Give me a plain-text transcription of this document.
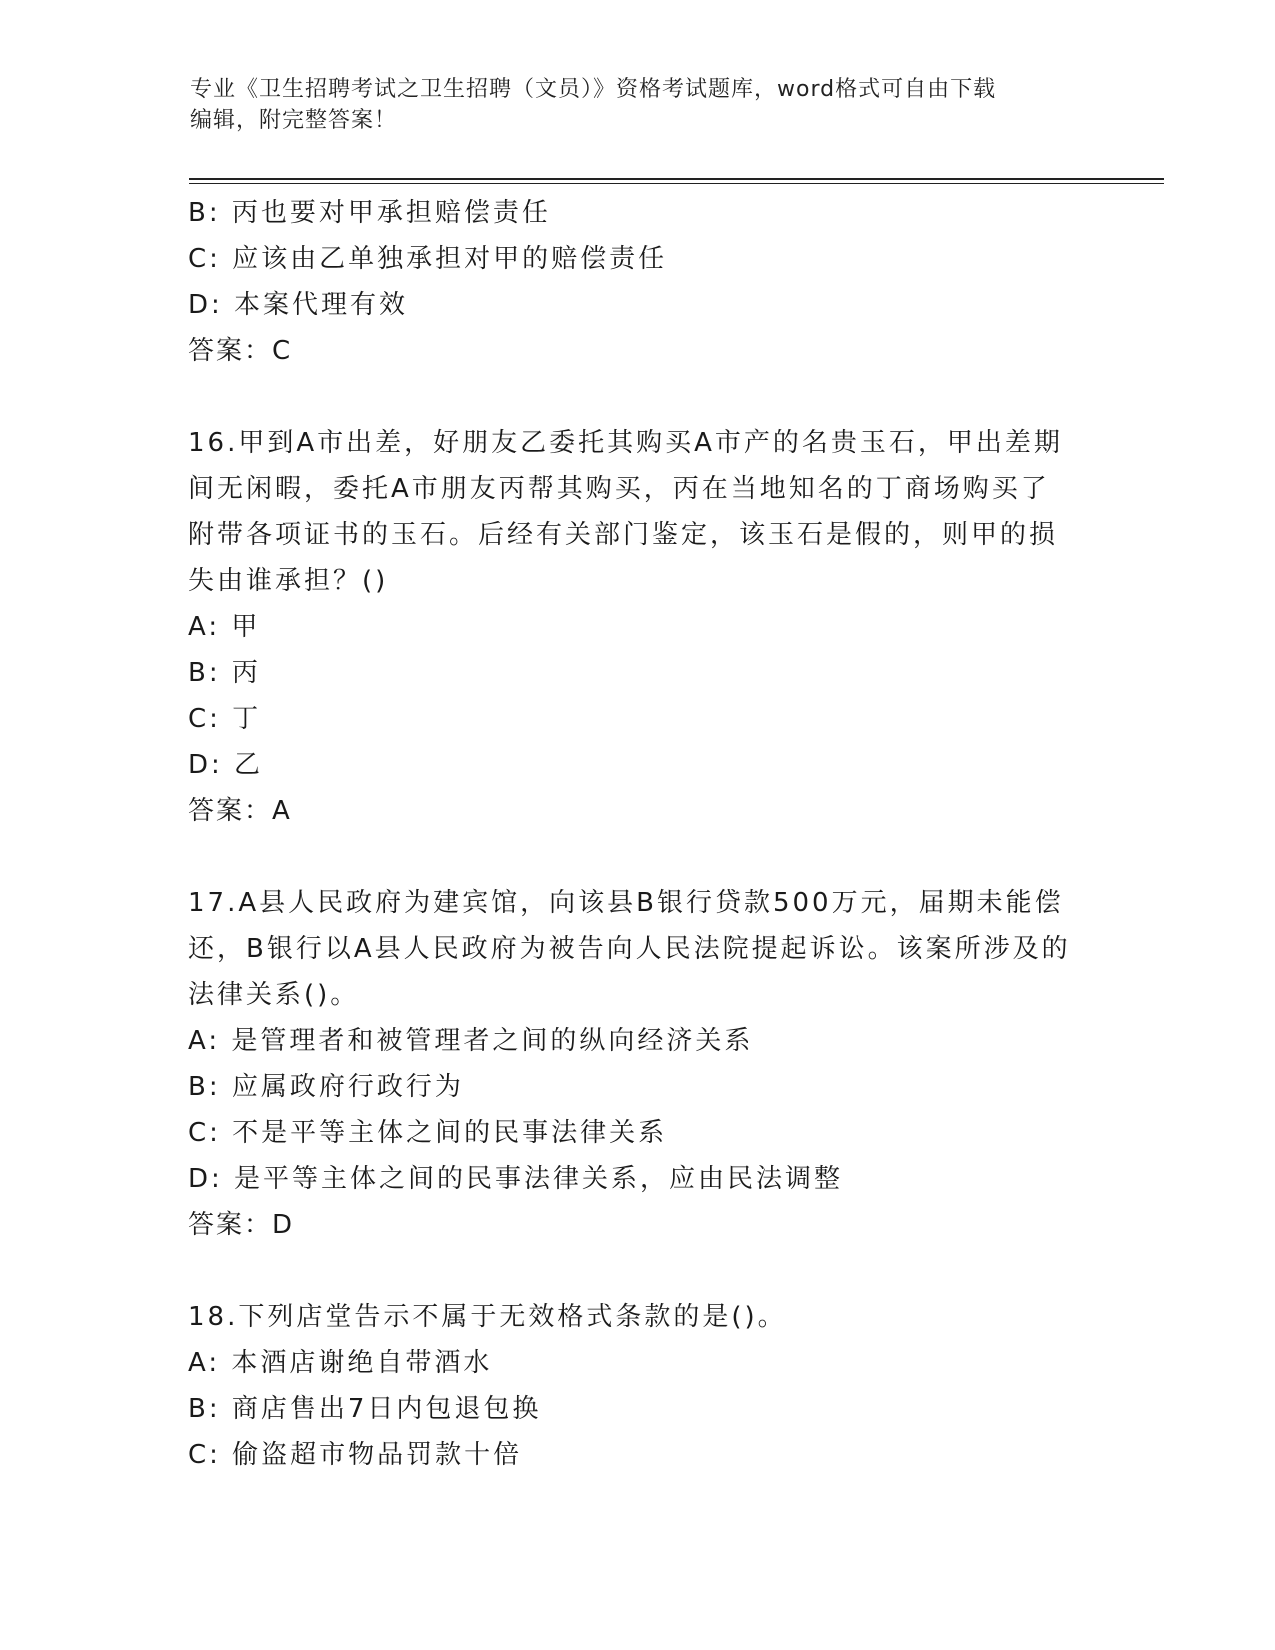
专业《卫生招聘考试之卫生招聘（文员）》资格考试题库，word格式可自由下载
编辑，附完整答案！
B: 丙也要对甲承担赔偿责任
C: 应该由乙单独承担对甲的赔偿责任
D: 本案代理有效
答案：C
16.甲到A市出差，好朋友乙委托其购买A市产的名贵玉石，甲出差期
间无闲暇，委托A市朋友丙帮其购买，丙在当地知名的丁商场购买了
附带各项证书的玉石。后经有关部门鉴定，该玉石是假的，则甲的损
失由谁承担？()
A: 甲
B: 丙
C: 丁
D: 乙
答案：A
17.A县人民政府为建宾馆，向该县B银行贷款500万元，届期未能偿
还，B银行以A县人民政府为被告向人民法院提起诉讼。该案所涉及的
法律关系()。
A: 是管理者和被管理者之间的纵向经济关系
B: 应属政府行政行为
C: 不是平等主体之间的民事法律关系
D: 是平等主体之间的民事法律关系，应由民法调整
答案：D
18.下列店堂告示不属于无效格式条款的是()。
A: 本酒店谢绝自带酒水
B: 商店售出7日内包退包换
C: 偷盗超市物品罚款十倍
